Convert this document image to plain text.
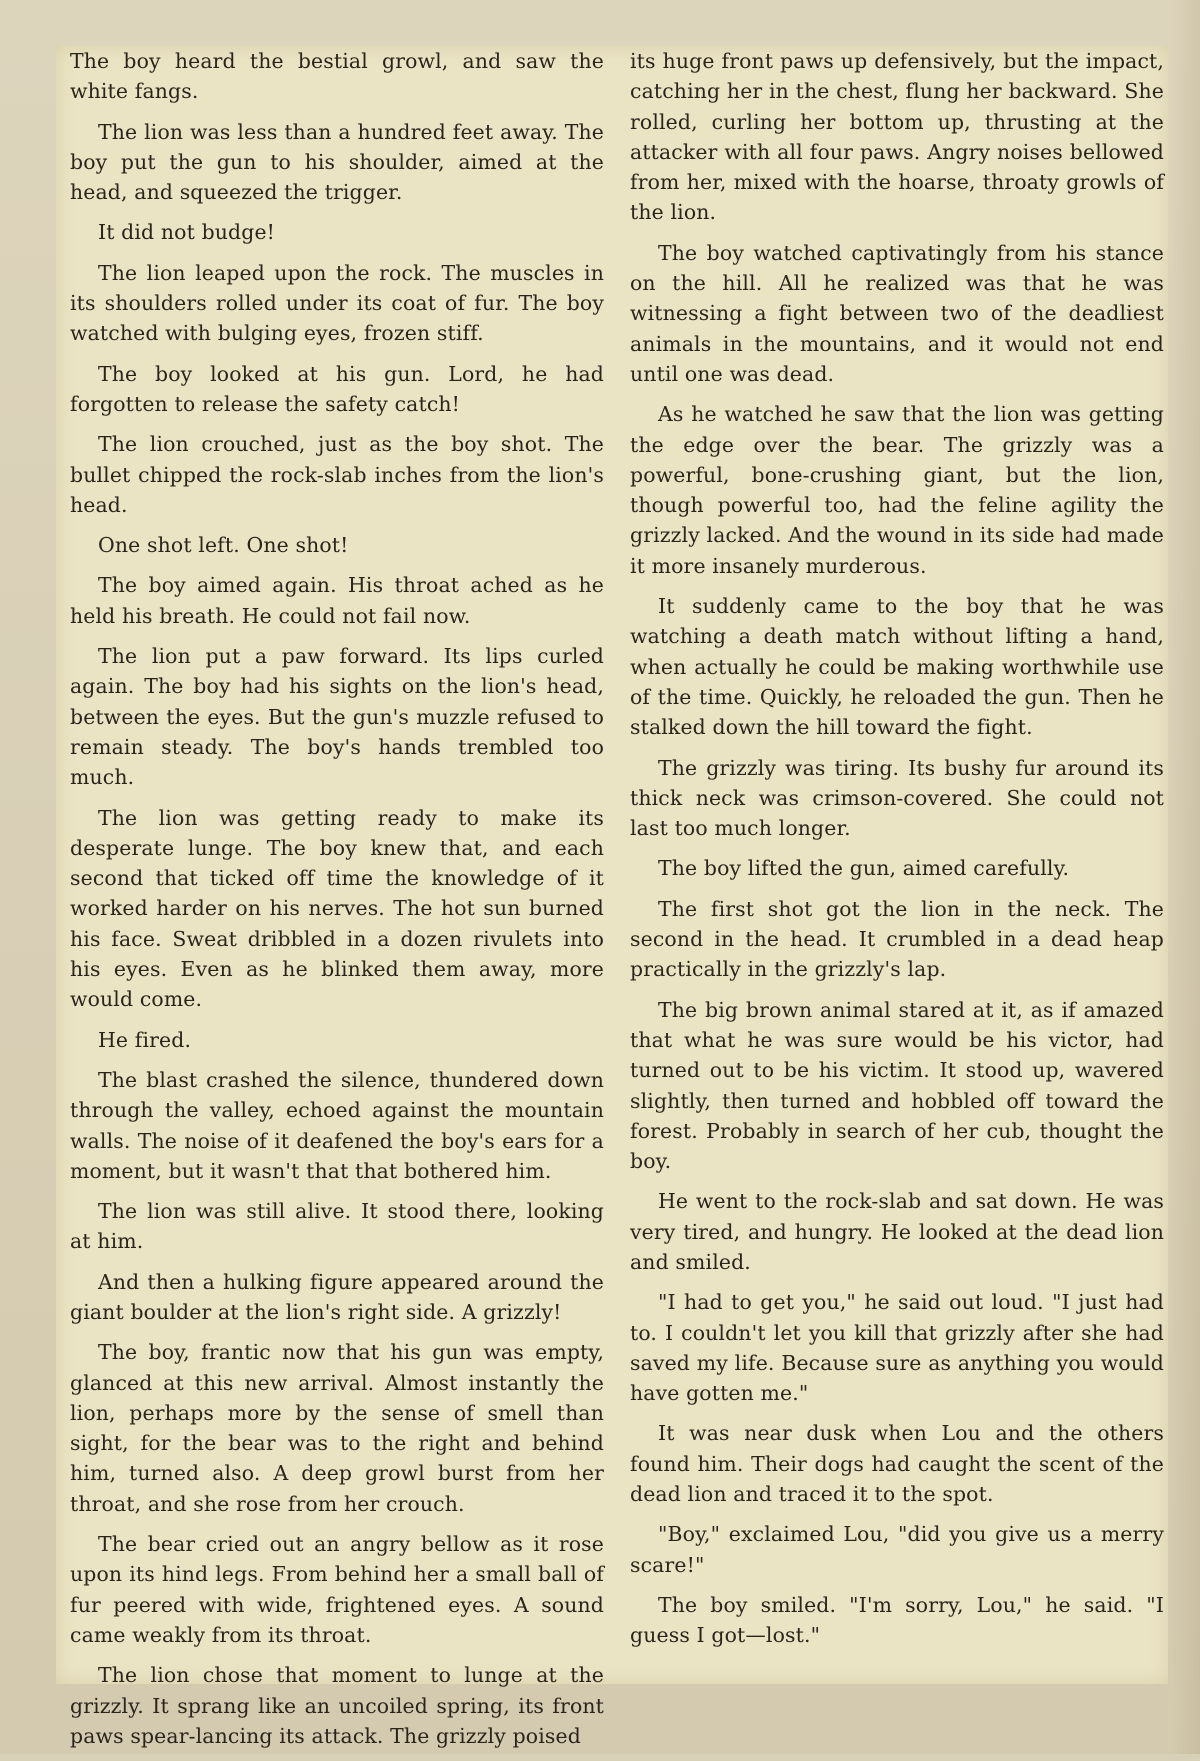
The boy heard the bestial growl, and saw the white fangs.

The lion was less than a hundred feet away. The boy put the gun to his shoulder, aimed at the head, and squeezed the trigger.

It did not budge!

The lion leaped upon the rock. The muscles in its shoulders rolled under its coat of fur. The boy watched with bulging eyes, frozen stiff.

The boy looked at his gun. Lord, he had forgotten to release the safety catch!

The lion crouched, just as the boy shot. The bullet chipped the rock-slab inches from the lion's head.

One shot left. One shot!

The boy aimed again. His throat ached as he held his breath. He could not fail now.

The lion put a paw forward. Its lips curled again. The boy had his sights on the lion's head, between the eyes. But the gun's muzzle refused to remain steady. The boy's hands trembled too much.

The lion was getting ready to make its desperate lunge. The boy knew that, and each second that ticked off time the knowledge of it worked harder on his nerves. The hot sun burned his face. Sweat dribbled in a dozen rivulets into his eyes. Even as he blinked them away, more would come.

He fired.

The blast crashed the silence, thundered down through the valley, echoed against the mountain walls. The noise of it deafened the boy's ears for a moment, but it wasn't that that bothered him.

The lion was still alive. It stood there, looking at him.

And then a hulking figure appeared around the giant boulder at the lion's right side. A grizzly!

The boy, frantic now that his gun was empty, glanced at this new arrival. Almost instantly the lion, perhaps more by the sense of smell than sight, for the bear was to the right and behind him, turned also. A deep growl burst from her throat, and she rose from her crouch.

The bear cried out an angry bellow as it rose upon its hind legs. From behind her a small ball of fur peered with wide, frightened eyes. A sound came weakly from its throat.

The lion chose that moment to lunge at the grizzly. It sprang like an uncoiled spring, its front paws spear-lancing its attack. The grizzly poised

its huge front paws up defensively, but the impact, catching her in the chest, flung her backward. She rolled, curling her bottom up, thrusting at the attacker with all four paws. Angry noises bellowed from her, mixed with the hoarse, throaty growls of the lion.

The boy watched captivatingly from his stance on the hill. All he realized was that he was witnessing a fight between two of the deadliest animals in the mountains, and it would not end until one was dead.

As he watched he saw that the lion was getting the edge over the bear. The grizzly was a powerful, bone-crushing giant, but the lion, though powerful too, had the feline agility the grizzly lacked. And the wound in its side had made it more insanely murderous.

It suddenly came to the boy that he was watching a death match without lifting a hand, when actually he could be making worthwhile use of the time. Quickly, he reloaded the gun. Then he stalked down the hill toward the fight.

The grizzly was tiring. Its bushy fur around its thick neck was crimson-covered. She could not last too much longer.

The boy lifted the gun, aimed carefully.

The first shot got the lion in the neck. The second in the head. It crumbled in a dead heap practically in the grizzly's lap.

The big brown animal stared at it, as if amazed that what he was sure would be his victor, had turned out to be his victim. It stood up, wavered slightly, then turned and hobbled off toward the forest. Probably in search of her cub, thought the boy.

He went to the rock-slab and sat down. He was very tired, and hungry. He looked at the dead lion and smiled.

"I had to get you," he said out loud. "I just had to. I couldn't let you kill that grizzly after she had saved my life. Because sure as anything you would have gotten me."

It was near dusk when Lou and the others found him. Their dogs had caught the scent of the dead lion and traced it to the spot.

"Boy," exclaimed Lou, "did you give us a merry scare!"

The boy smiled. "I'm sorry, Lou," he said. "I guess I got—lost."
